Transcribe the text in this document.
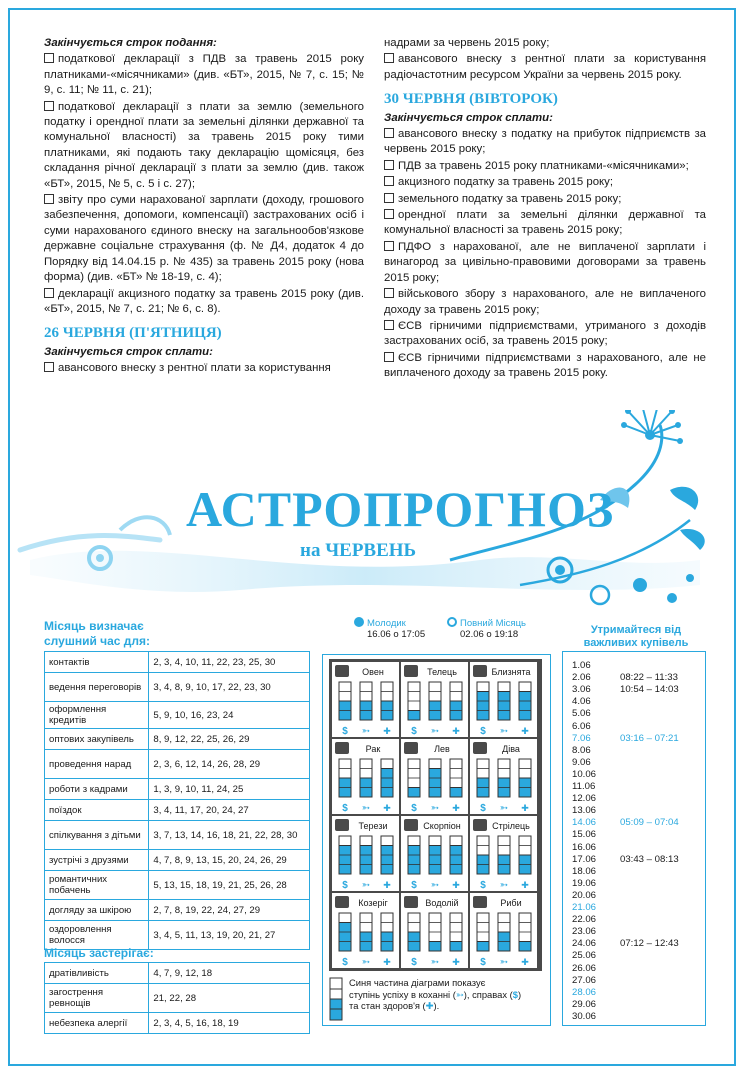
Закінчується строк подання:
податкової декларації з ПДВ за травень 2015 року платниками-«місячниками» (див. «БТ», 2015, № 7, с. 15; № 9, с. 11; № 11, с. 21);
податкової декларації з плати за землю (земельного податку і орендної плати за земельні ділянки державної та комунальної власності) за травень 2015 року тими платниками, які подають таку декларацію щомісяця, без складання річної декларації з плати за землю (див. також «БТ», 2015, № 5, с. 5 і с. 27);
звіту про суми нарахованої зарплати (доходу, грошового забезпечення, допомоги, компенсації) застрахованих осіб і суми нарахованого єдиного внеску на загальнообов'язкове державне соціальне страхування (ф. № Д4, додаток 4 до Порядку від 14.04.15 р. № 435) за травень 2015 року (нова форма) (див. «БТ» № 18-19, с. 4);
декларації акцизного податку за травень 2015 року (див. «БТ», 2015, № 7, с. 21; № 6, с. 8).
26 ЧЕРВНЯ (П'ЯТНИЦЯ)
Закінчується строк сплати:
авансового внеску з рентної плати за користування
надрами за червень 2015 року;
авансового внеску з рентної плати за користування радіочастотним ресурсом України за червень 2015 року.
30 ЧЕРВНЯ (ВІВТОРОК)
Закінчується строк сплати:
авансового внеску з податку на прибуток підприємств за червень 2015 року;
ПДВ за травень 2015 року платниками-«місячниками»;
акцизного податку за травень 2015 року;
земельного податку за травень 2015 року;
орендної плати за земельні ділянки державної та комунальної власності за травень 2015 року;
ПДФО з нарахованої, але не виплаченої зарплати і винагород за цивільно-правовими договорами за травень 2015 року;
військового збору з нарахованого, але не виплаченого доходу за травень 2015 року;
ЄСВ гірничими підприємствами, утриманого з доходів застрахованих осіб, за травень 2015 року;
ЄСВ гірничими підприємствами з нарахованого, але не виплаченого доходу за травень 2015 року.
АСТРОПРОГНОЗ
на ЧЕРВЕНЬ
Місяць визначає слушний час для:
контактів	2, 3, 4, 10, 11, 22, 23, 25, 30
ведення переговорів	3, 4, 8, 9, 10, 17, 22, 23, 30
оформлення кредитів	5, 9, 10, 16, 23, 24
оптових закупівель	8, 9, 12, 22, 25, 26, 29
проведення нарад	2, 3, 6, 12, 14, 26, 28, 29
роботи з кадрами	1, 3, 9, 10, 11, 24, 25
поїздок	3, 4, 11, 17, 20, 24, 27
спілкування з дітьми	3, 7, 13, 14, 16, 18, 21, 22, 28, 30
зустрічі з друзями	4, 7, 8, 9, 13, 15, 20, 24, 26, 29
романтичних побачень	5, 13, 15, 18, 19, 21, 25, 26, 28
догляду за шкірою	2, 7, 8, 19, 22, 24, 27, 29
оздоровлення волосся	3, 4, 5, 11, 13, 19, 20, 21, 27
Місяць застерігає:
дратівливість	4, 7, 9, 12, 18
загострення ревнощів	21, 22, 28
небезпека алергії	2, 3, 4, 5, 16, 18, 19
Молодик
16.06 о 17:05
Повний Місяць
02.06 о 19:18
Овен
$ ➳ ✚
Телець
$ ➳ ✚
Близнята
$ ➳ ✚
Рак
$ ➳ ✚
Лев
$ ➳ ✚
Діва
$ ➳ ✚
Терези
$ ➳ ✚
Скорпіон
$ ➳ ✚
Стрілець
$ ➳ ✚
Козеріг
$ ➳ ✚
Водолій
$ ➳ ✚
Риби
$ ➳ ✚
Синя частина діаграми показує
ступінь успіху в коханні (➳), справах ($)
та стан здоров'я (✚).
Утримайтеся від важливих купівель
1.06
2.06	08:22 – 11:33
3.06	10:54 – 14:03
4.06
5.06
6.06
7.06	03:16 – 07:21
8.06
9.06
10.06
11.06
12.06
13.06
14.06 05:09 – 07:04
15.06
16.06
17.06 03:43 – 08:13
18.06
19.06
20.06
21.06
22.06
23.06
24.06 07:12 – 12:43
25.06
26.06
27.06
28.06
29.06
30.06
